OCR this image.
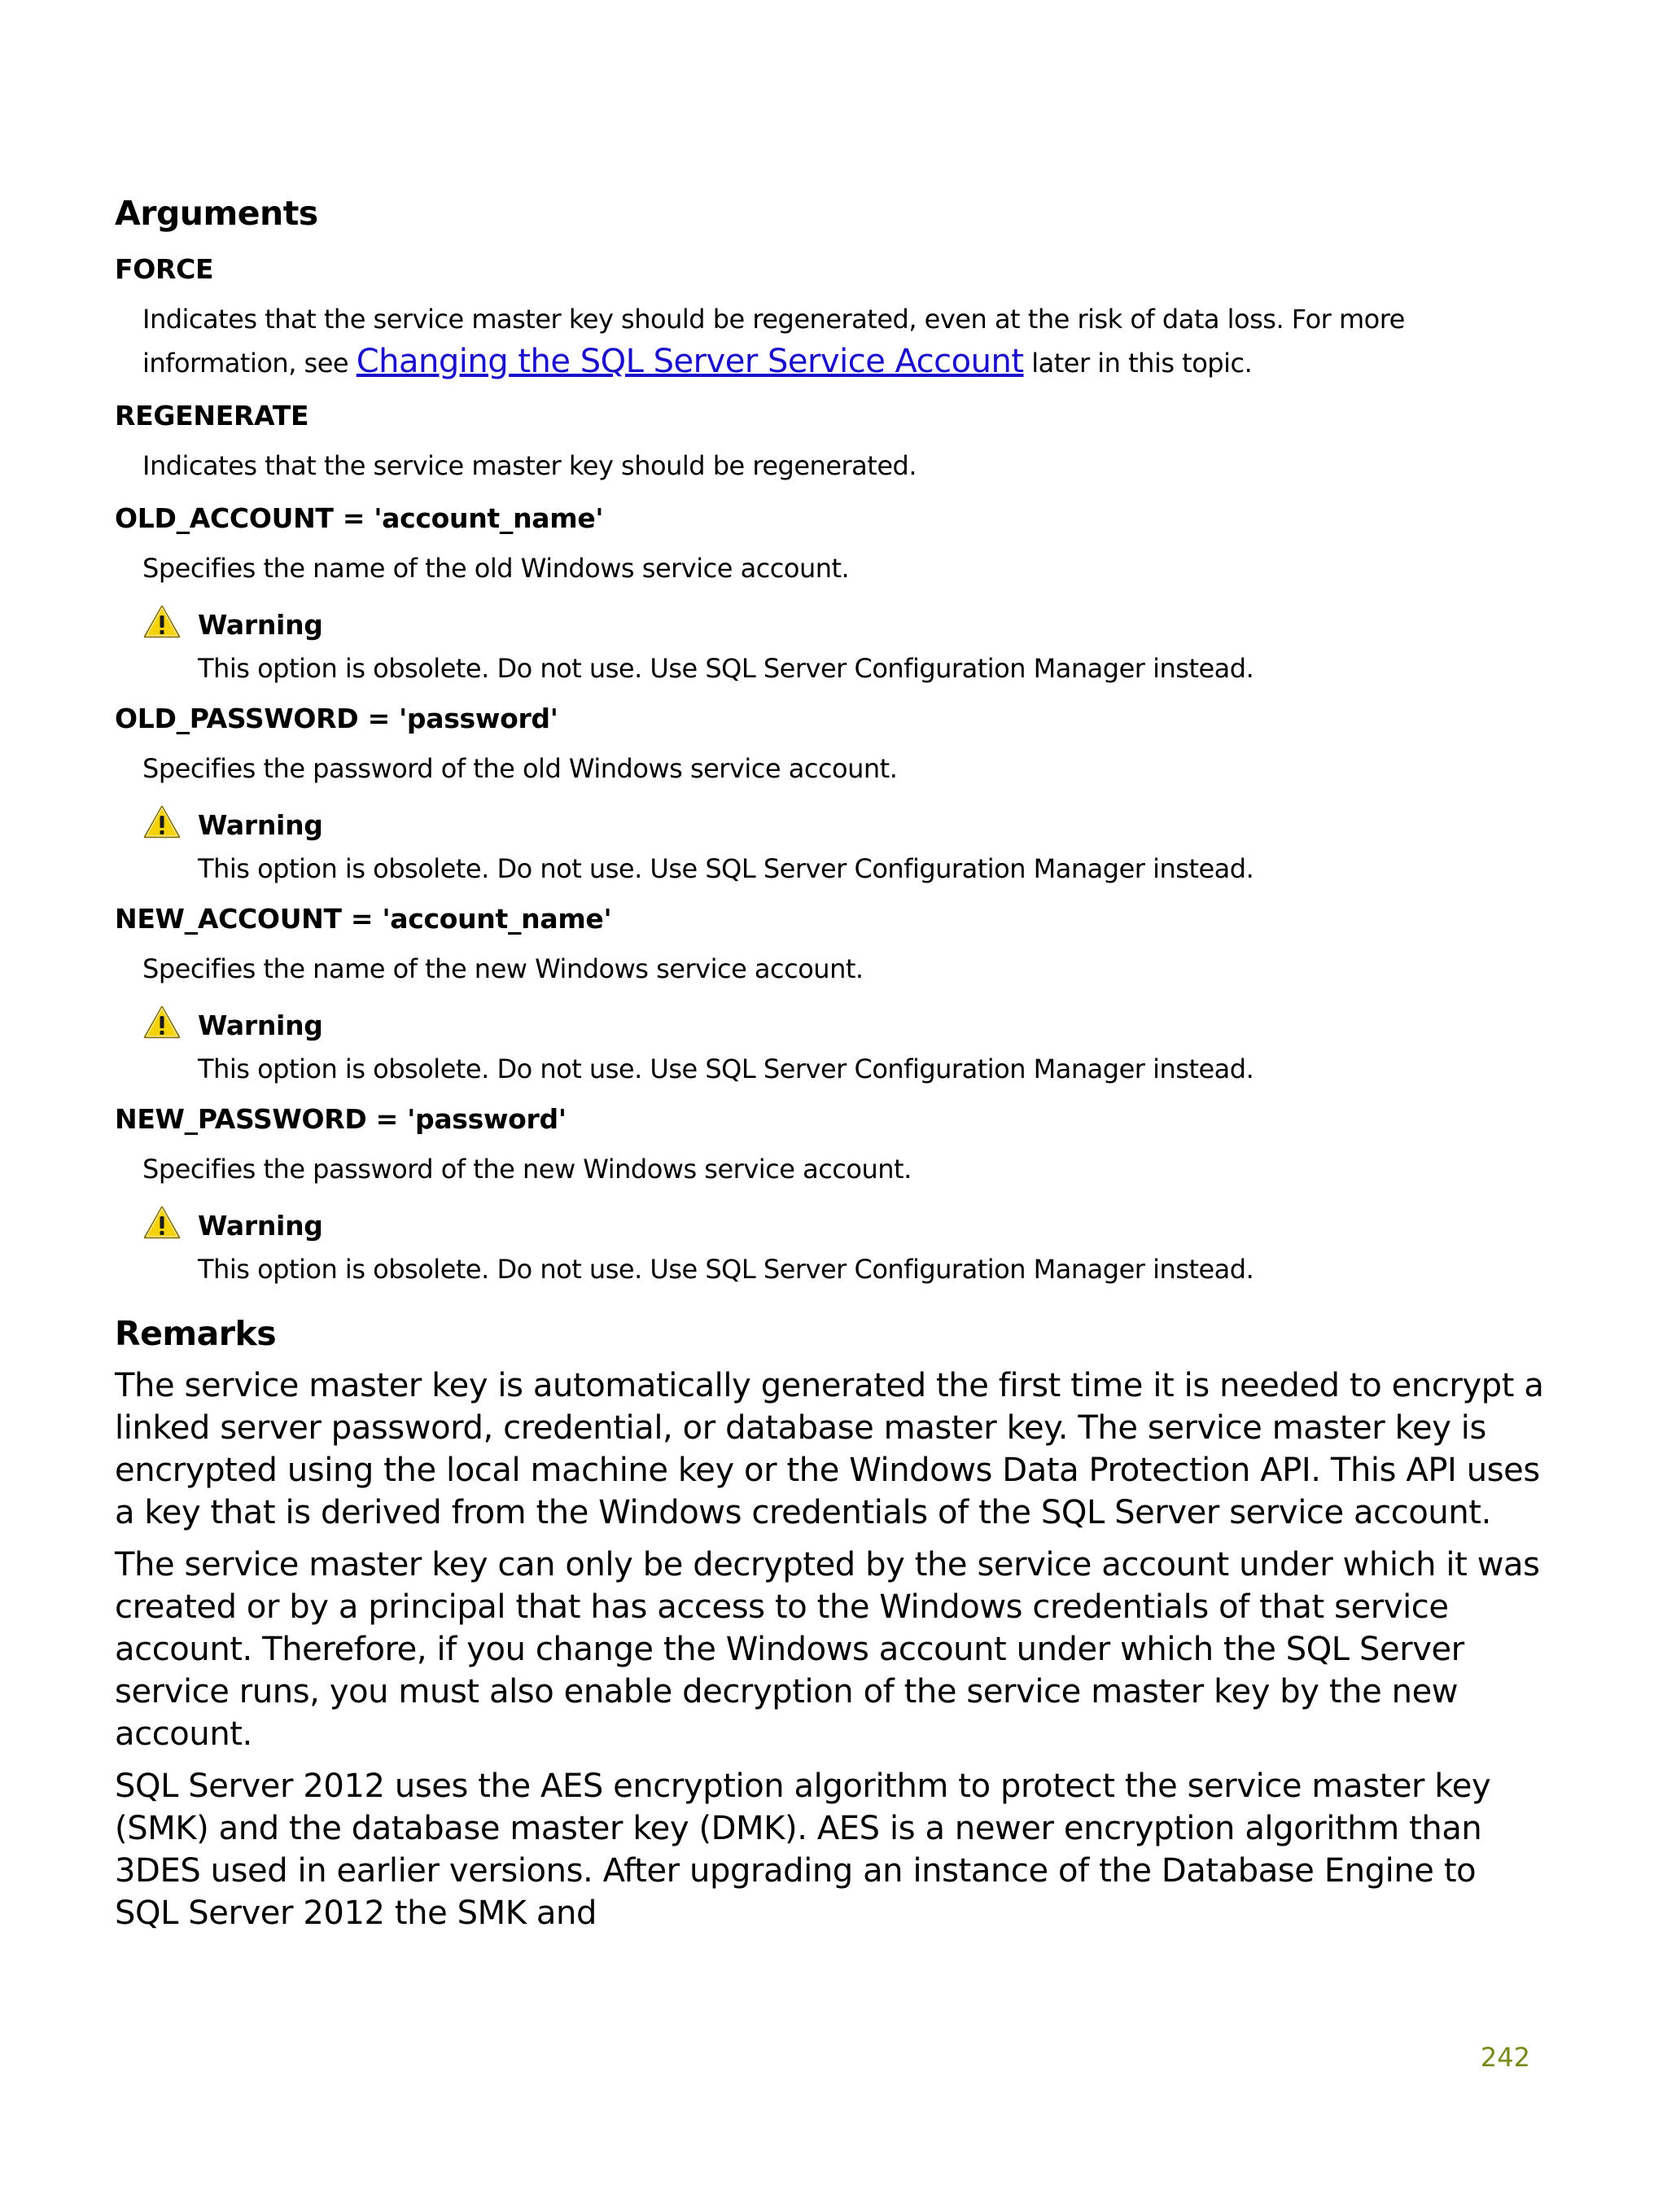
Arguments
FORCE
Indicates that the service master key should be regenerated, even at the risk of data loss. For more information, see Changing the SQL Server Service Account later in this topic.
REGENERATE
Indicates that the service master key should be regenerated.
OLD_ACCOUNT = 'account_name'
Specifies the name of the old Windows service account.
Warning
This option is obsolete. Do not use. Use SQL Server Configuration Manager instead.
OLD_PASSWORD = 'password'
Specifies the password of the old Windows service account.
Warning
This option is obsolete. Do not use. Use SQL Server Configuration Manager instead.
NEW_ACCOUNT = 'account_name'
Specifies the name of the new Windows service account.
Warning
This option is obsolete. Do not use. Use SQL Server Configuration Manager instead.
NEW_PASSWORD = 'password'
Specifies the password of the new Windows service account.
Warning
This option is obsolete. Do not use. Use SQL Server Configuration Manager instead.
Remarks

The service master key is automatically generated the first time it is needed to encrypt a linked server password, credential, or database master key. The service master key is encrypted using the local machine key or the Windows Data Protection API. This API uses a key that is derived from the Windows credentials of the SQL Server service account.

The service master key can only be decrypted by the service account under which it was created or by a principal that has access to the Windows credentials of that service account. Therefore, if you change the Windows account under which the SQL Server service runs, you must also enable decryption of the service master key by the new account.

SQL Server 2012 uses the AES encryption algorithm to protect the service master key (SMK) and the database master key (DMK). AES is a newer encryption algorithm than 3DES used in earlier versions. After upgrading an instance of the Database Engine to SQL Server 2012 the SMK and

242
